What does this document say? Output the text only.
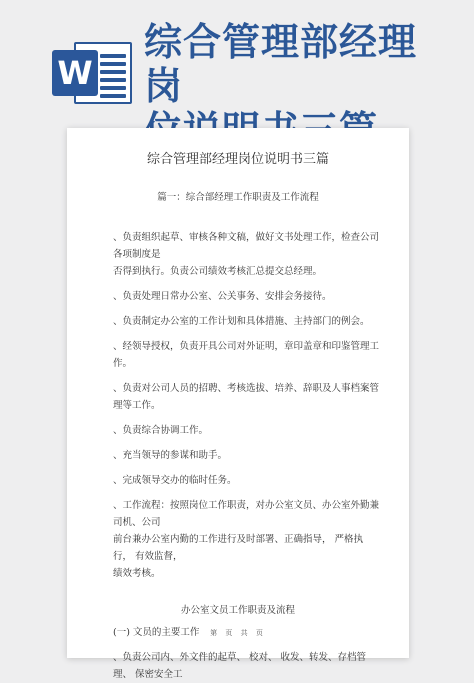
W
综合管理部经理岗
综合管理部经理岗位说明书三篇
篇一：综合部经理工作职责及工作流程

、负责组织起草、审核各种文稿，做好文书处理工作，检查公司各项制度是

否得到执行。负责公司绩效考核汇总提交总经理。

、负责处理日常办公室、公关事务、安排会务接待。

、负责制定办公室的工作计划和具体措施、主持部门的例会。

、经领导授权，负责开具公司对外证明，章印盖章和印鉴管理工作。

、负责对公司人员的招聘、考核选拔、培养、辞职及人事档案管理等工作。

、负责综合协调工作。

、充当领导的参谋和助手。

、完成领导交办的临时任务。

、工作流程：按照岗位工作职责，对办公室文员、办公室外勤兼司机、公司

前台兼办公室内勤的工作进行及时部署、正确指导， 严格执行， 有效监督，

绩效考核。

办公室文员工作职责及流程

(一) 文员的主要工作

、负责公司内、外文件的起草、 校对、 收发、转发、存档管理、 保密安全工

第 页 共 页
